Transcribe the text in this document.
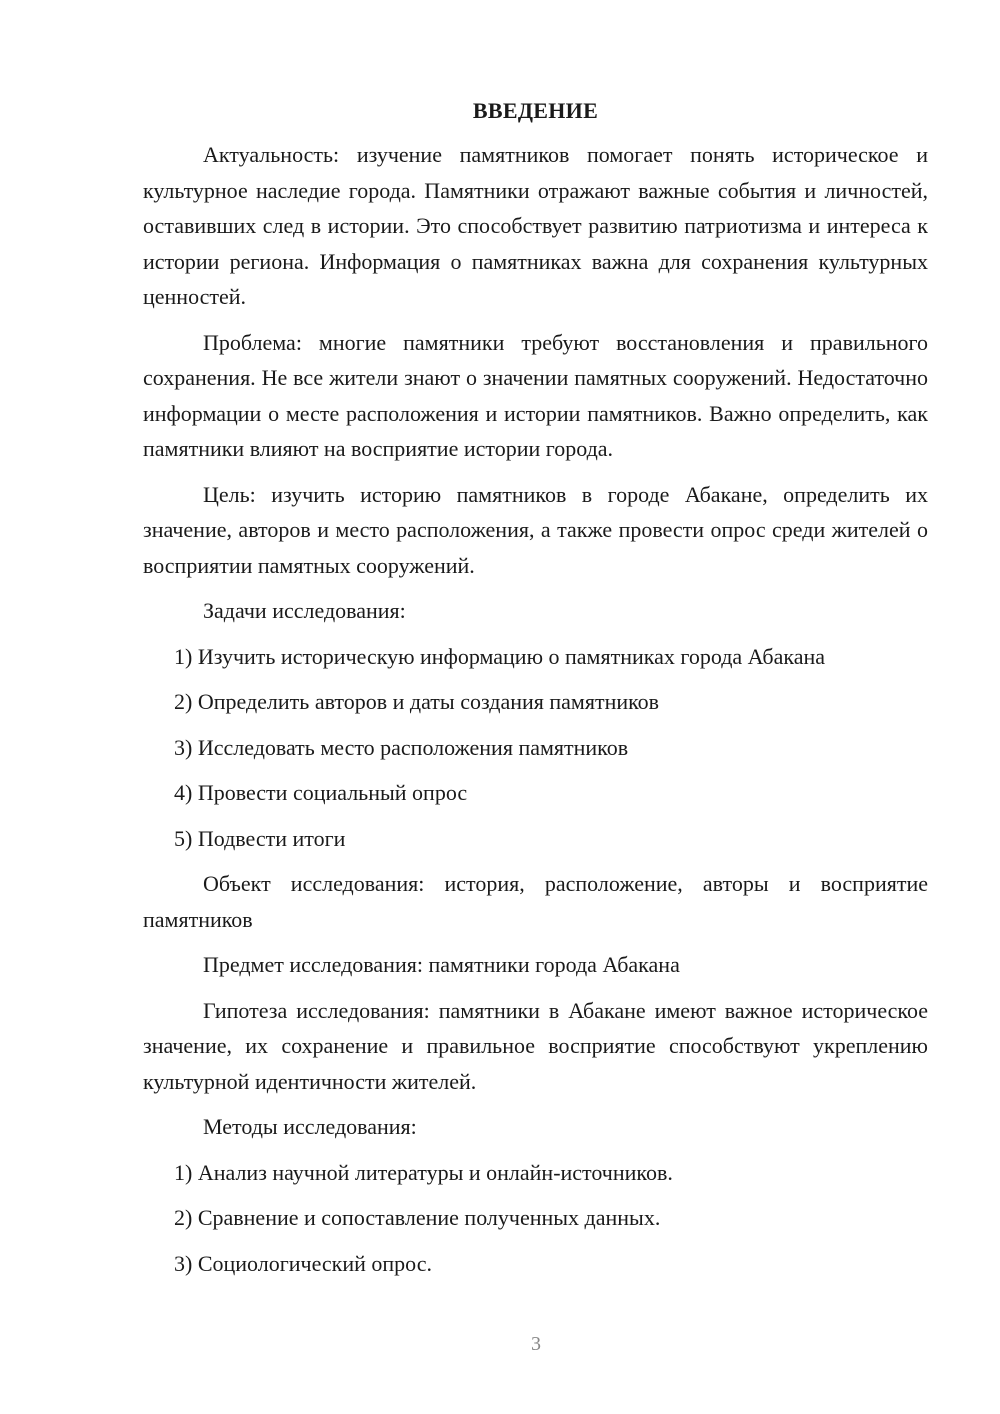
ВВЕДЕНИЕ

Актуальность: изучение памятников помогает понять историческое и культурное наследие города. Памятники отражают важные события и личностей, оставивших след в истории. Это способствует развитию патриотизма и интереса к истории региона. Информация о памятниках важна для сохранения культурных ценностей.

Проблема: многие памятники требуют восстановления и правильного сохранения. Не все жители знают о значении памятных сооружений. Недостаточно информации о месте расположения и истории памятников. Важно определить, как памятники влияют на восприятие истории города.

Цель: изучить историю памятников в городе Абакане, определить их значение, авторов и место расположения, а также провести опрос среди жителей о восприятии памятных сооружений.

Задачи исследования:

1) Изучить историческую информацию о памятниках города Абакана
2) Определить авторов и даты создания памятников
3) Исследовать место расположения памятников
4) Провести социальный опрос
5) Подвести итоги

Объект исследования: история, расположение, авторы и восприятие памятников

Предмет исследования: памятники города Абакана

Гипотеза исследования: памятники в Абакане имеют важное историческое значение, их сохранение и правильное восприятие способствуют укреплению культурной идентичности жителей.

Методы исследования:

1) Анализ научной литературы и онлайн-источников.
2) Сравнение и сопоставление полученных данных.
3) Социологический опрос.
3
